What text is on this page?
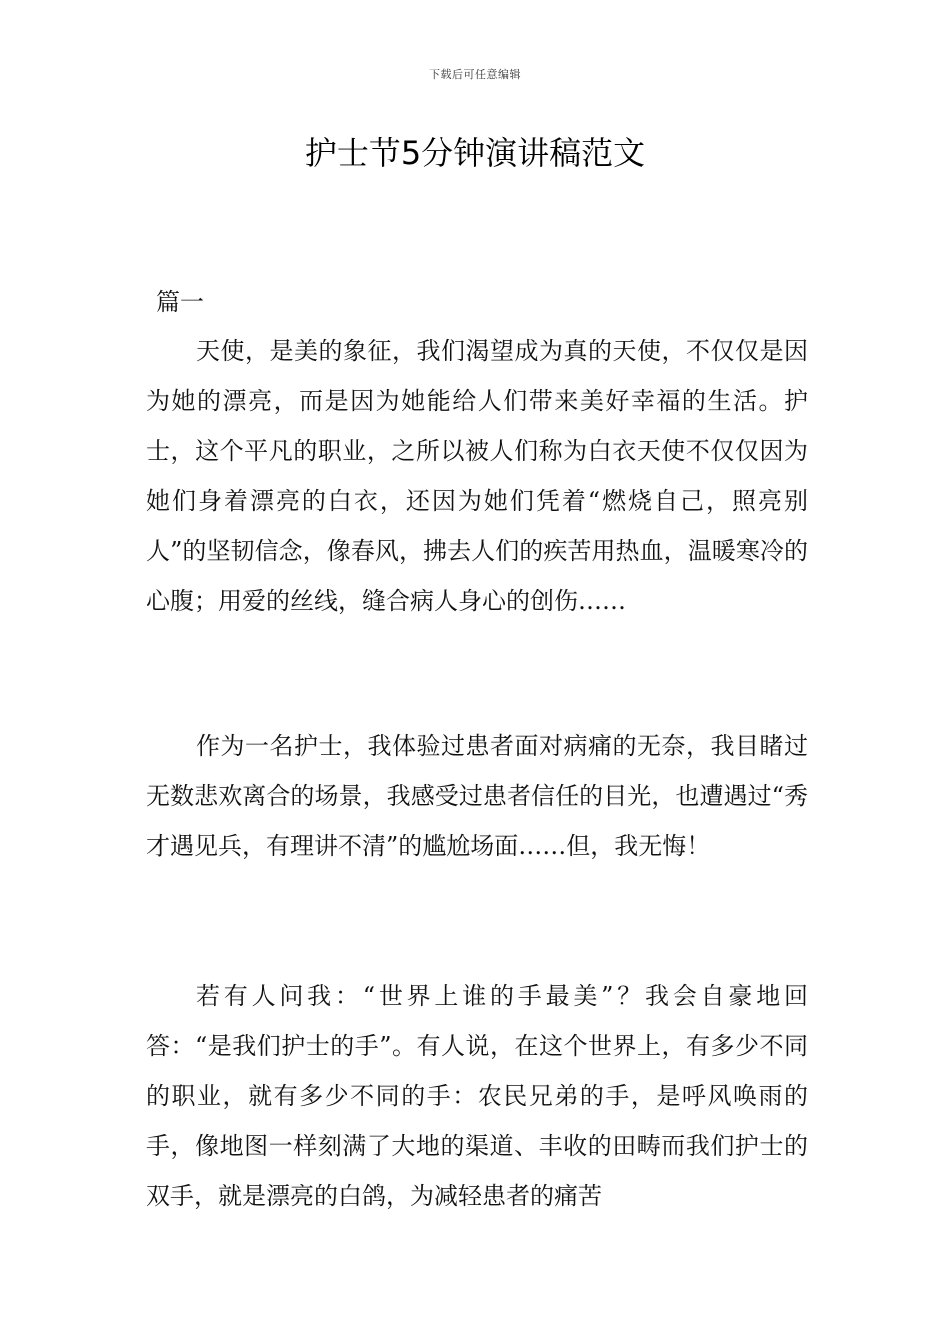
下载后可任意编辑
护士节5分钟演讲稿范文
篇一

天使，是美的象征，我们渴望成为真的天使，不仅仅是因为她的漂亮，而是因为她能给人们带来美好幸福的生活。护士，这个平凡的职业，之所以被人们称为白衣天使不仅仅因为她们身着漂亮的白衣，还因为她们凭着“燃烧自己，照亮别人”的坚韧信念，像春风，拂去人们的疾苦用热血，温暖寒冷的心腹；用爱的丝线，缝合病人身心的创伤……

作为一名护士，我体验过患者面对病痛的无奈，我目睹过无数悲欢离合的场景，我感受过患者信任的目光，也遭遇过“秀才遇见兵，有理讲不清”的尴尬场面……但，我无悔！

若有人问我：“世界上谁的手最美”？我会自豪地回答：“是我们护士的手”。有人说，在这个世界上，有多少不同的职业，就有多少不同的手：农民兄弟的手，是呼风唤雨的手，像地图一样刻满了大地的渠道、丰收的田畴而我们护士的双手，就是漂亮的白鸽，为减轻患者的痛苦
